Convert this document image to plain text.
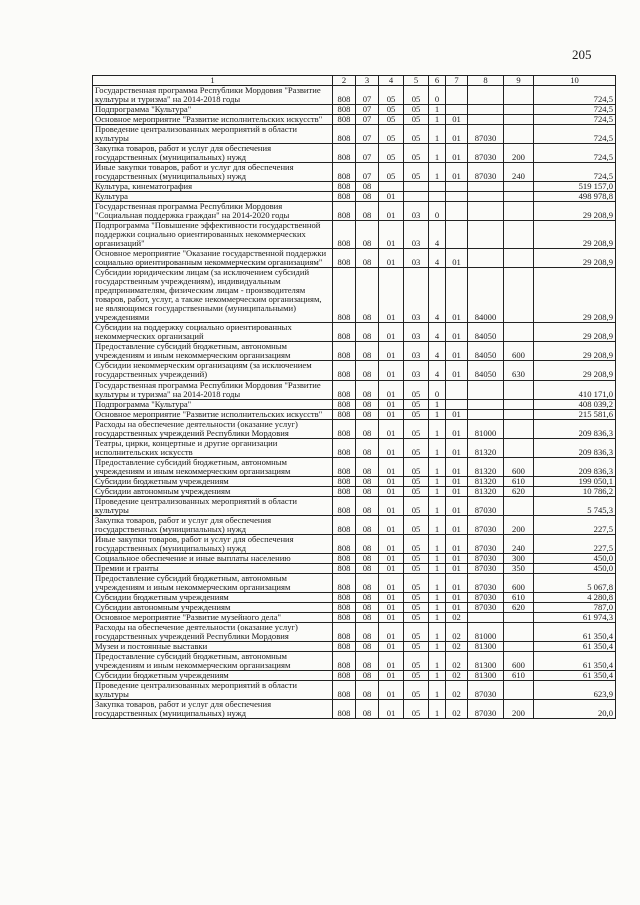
205
1	2	3	4	5	6	7	8	9	10
Государственная программа Республики Мордовия "Развитие культуры и туризма" на 2014-2018 годы	808	07	05	05	0				724,5
Подпрограмма "Культура"	808	07	05	05	1				724,5
Основное мероприятие "Развитие исполнительских искусств"	808	07	05	05	1	01			724,5
Проведение централизованных мероприятий в области культуры	808	07	05	05	1	01	87030		724,5
Закупка товаров, работ и услуг для обеспечения государственных (муниципальных) нужд	808	07	05	05	1	01	87030	200	724,5
Иные закупки товаров, работ и услуг для обеспечения государственных (муниципальных) нужд	808	07	05	05	1	01	87030	240	724,5
Культура, кинематография	808	08							519 157,0
Культура	808	08	01						498 978,8
Государственная программа Республики Мордовия "Социальная поддержка граждан" на 2014-2020 годы	808	08	01	03	0				29 208,9
Подпрограмма "Повышение эффективности государственной поддержки социально ориентированных некоммерческих организаций"	808	08	01	03	4				29 208,9
Основное мероприятие "Оказание государственной поддержки социально ориентированным некоммерческим организациям"	808	08	01	03	4	01			29 208,9
Субсидии юридическим лицам (за исключением субсидий государственным учреждениям), индивидуальным предпринимателям, физическим лицам - производителям товаров, работ, услуг, а также некоммерческим организациям, не являющимся государственными (муниципальными) учреждениями	808	08	01	03	4	01	84000		29 208,9
Субсидии на поддержку социально ориентированных некоммерческих организаций	808	08	01	03	4	01	84050		29 208,9
Предоставление субсидий бюджетным, автономным учреждениям и иным некоммерческим организациям	808	08	01	03	4	01	84050	600	29 208,9
Субсидии некоммерческим организациям (за исключением государственных учреждений)	808	08	01	03	4	01	84050	630	29 208,9
Государственная программа Республики Мордовия "Развитие культуры и туризма" на 2014-2018 годы	808	08	01	05	0				410 171,0
Подпрограмма "Культура"	808	08	01	05	1				408 039,2
Основное мероприятие "Развитие исполнительских искусств"	808	08	01	05	1	01			215 581,6
Расходы на обеспечение деятельности (оказание услуг) государственных учреждений Республики Мордовия	808	08	01	05	1	01	81000		209 836,3
Театры, цирки, концертные и другие организации исполнительских искусств	808	08	01	05	1	01	81320		209 836,3
Предоставление субсидий бюджетным, автономным учреждениям и иным некоммерческим организациям	808	08	01	05	1	01	81320	600	209 836,3
Субсидии бюджетным учреждениям	808	08	01	05	1	01	81320	610	199 050,1
Субсидии автономным учреждениям	808	08	01	05	1	01	81320	620	10 786,2
Проведение централизованных мероприятий в области культуры	808	08	01	05	1	01	87030		5 745,3
Закупка товаров, работ и услуг для обеспечения государственных (муниципальных) нужд	808	08	01	05	1	01	87030	200	227,5
Иные закупки товаров, работ и услуг для обеспечения государственных (муниципальных) нужд	808	08	01	05	1	01	87030	240	227,5
Социальное обеспечение и иные выплаты населению	808	08	01	05	1	01	87030	300	450,0
Премии и гранты	808	08	01	05	1	01	87030	350	450,0
Предоставление субсидий бюджетным, автономным учреждениям и иным некоммерческим организациям	808	08	01	05	1	01	87030	600	5 067,8
Субсидии бюджетным учреждениям	808	08	01	05	1	01	87030	610	4 280,8
Субсидии автономным учреждениям	808	08	01	05	1	01	87030	620	787,0
Основное мероприятие "Развитие музейного дела"	808	08	01	05	1	02			61 974,3
Расходы на обеспечение деятельности (оказание услуг) государственных учреждений Республики Мордовия	808	08	01	05	1	02	81000		61 350,4
Музеи и постоянные выставки	808	08	01	05	1	02	81300		61 350,4
Предоставление субсидий бюджетным, автономным учреждениям и иным некоммерческим организациям	808	08	01	05	1	02	81300	600	61 350,4
Субсидии бюджетным учреждениям	808	08	01	05	1	02	81300	610	61 350,4
Проведение централизованных мероприятий в области культуры	808	08	01	05	1	02	87030		623,9
Закупка товаров, работ и услуг для обеспечения государственных (муниципальных) нужд	808	08	01	05	1	02	87030	200	20,0
